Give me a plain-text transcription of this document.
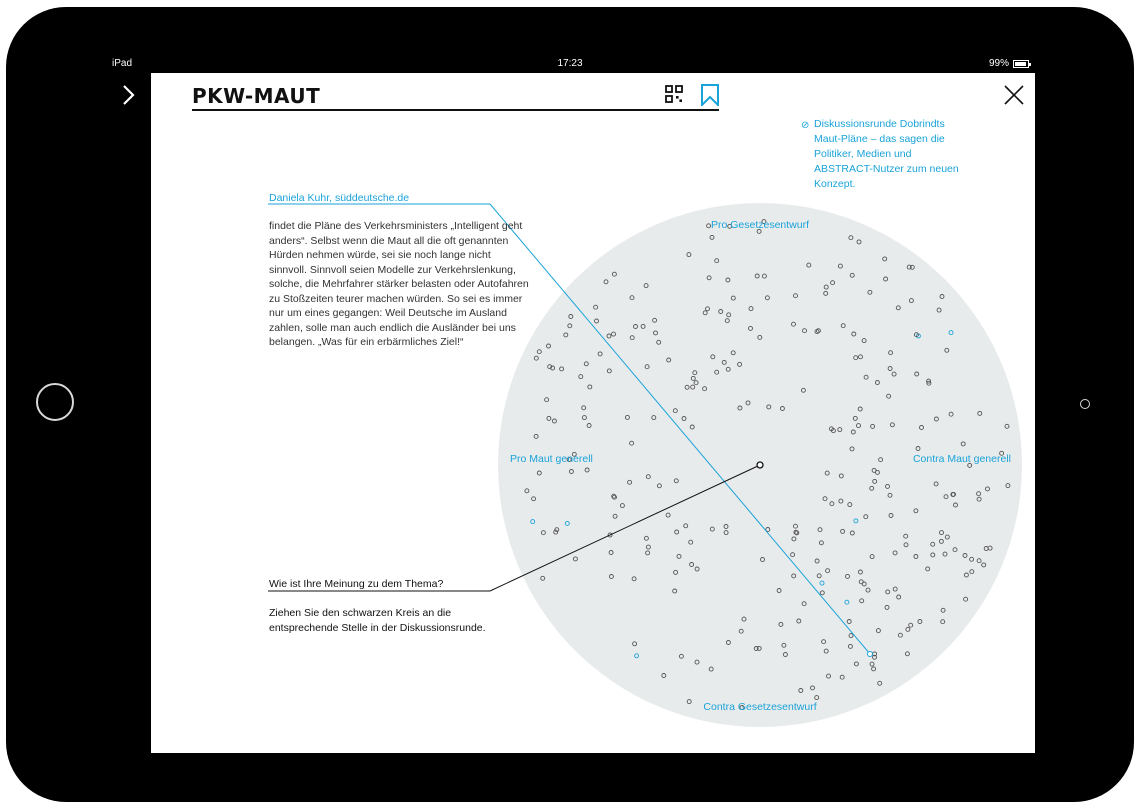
iPad	17:23	99%
Pro Gesetzesentwurf
Contra Gesetzesentwurf
Pro Maut generell	Contra Maut generell
PKW-MAUT
⊘ Diskussionsrunde Dobrindts Maut-Pläne – das sagen die Politiker, Medien und ABSTRACT-Nutzer zum neuen Konzept.
Daniela Kuhr, süddeutsche.de
findet die Pläne des Verkehrsministers „Intelligent geht anders“. Selbst wenn die Maut all die oft genannten Hürden nehmen würde, sei sie noch lange nicht sinnvoll. Sinnvoll seien Modelle zur Verkehrslenkung, solche, die Mehrfahrer stärker belasten oder Autofahren zu Stoßzeiten teurer machen würden. So sei es immer nur um eines gegangen: Weil Deutsche im Ausland zahlen, solle man auch endlich die Ausländer bei uns belangen. „Was für ein erbärmliches Ziel!“
Wie ist Ihre Meinung zu dem Thema?
Ziehen Sie den schwarzen Kreis an die entsprechende Stelle in der Diskussionsrunde.
